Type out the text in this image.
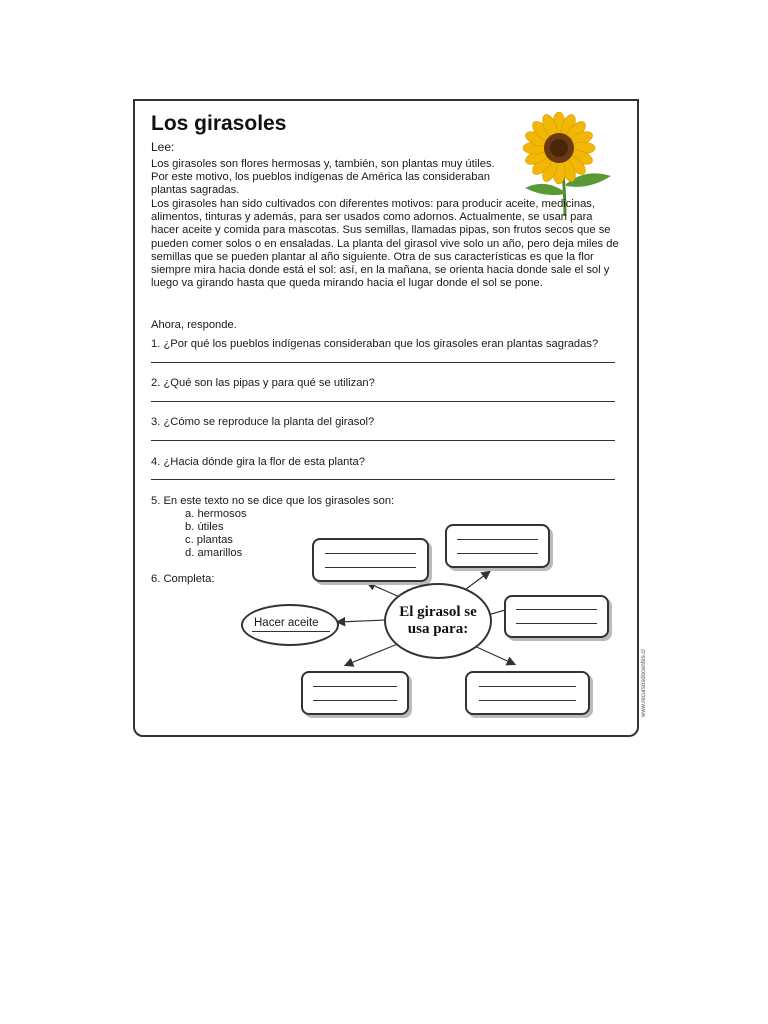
Los girasoles
Lee:

Los girasoles son flores hermosas y, también, son plantas muy útiles. Por este motivo, los pueblos indígenas de América las consideraban plantas sagradas.

Los girasoles han sido cultivados con diferentes motivos: para producir aceite, medicinas, alimentos, tinturas y además, para ser usados como adornos. Actualmente, se usan para hacer aceite y comida para mascotas. Sus semillas, llamadas pipas, son frutos secos que se pueden comer solos o en ensaladas. La planta del girasol vive solo un año, pero deja miles de semillas que se pueden plantar al año siguiente. Otra de sus características es que la flor siempre mira hacia donde está el sol: así, en la mañana, se orienta hacia donde sale el sol y luego va girando hasta que queda mirando hacia el lugar donde el sol se pone.

Ahora, responde.
1. ¿Por qué los pueblos indígenas consideraban que los girasoles eran plantas sagradas?
2. ¿Qué son las pipas y para qué se utilizan?
3. ¿Cómo se reproduce la planta del girasol?
4. ¿Hacia dónde gira la flor de esta planta?
5. En este texto no se dice que los girasoles son:
a. hermosos
b. útiles
c. plantas
d. amarillos
6. Completa:
Hacer aceite
El girasol se
usa para:
www.recursosdocentes.cl
